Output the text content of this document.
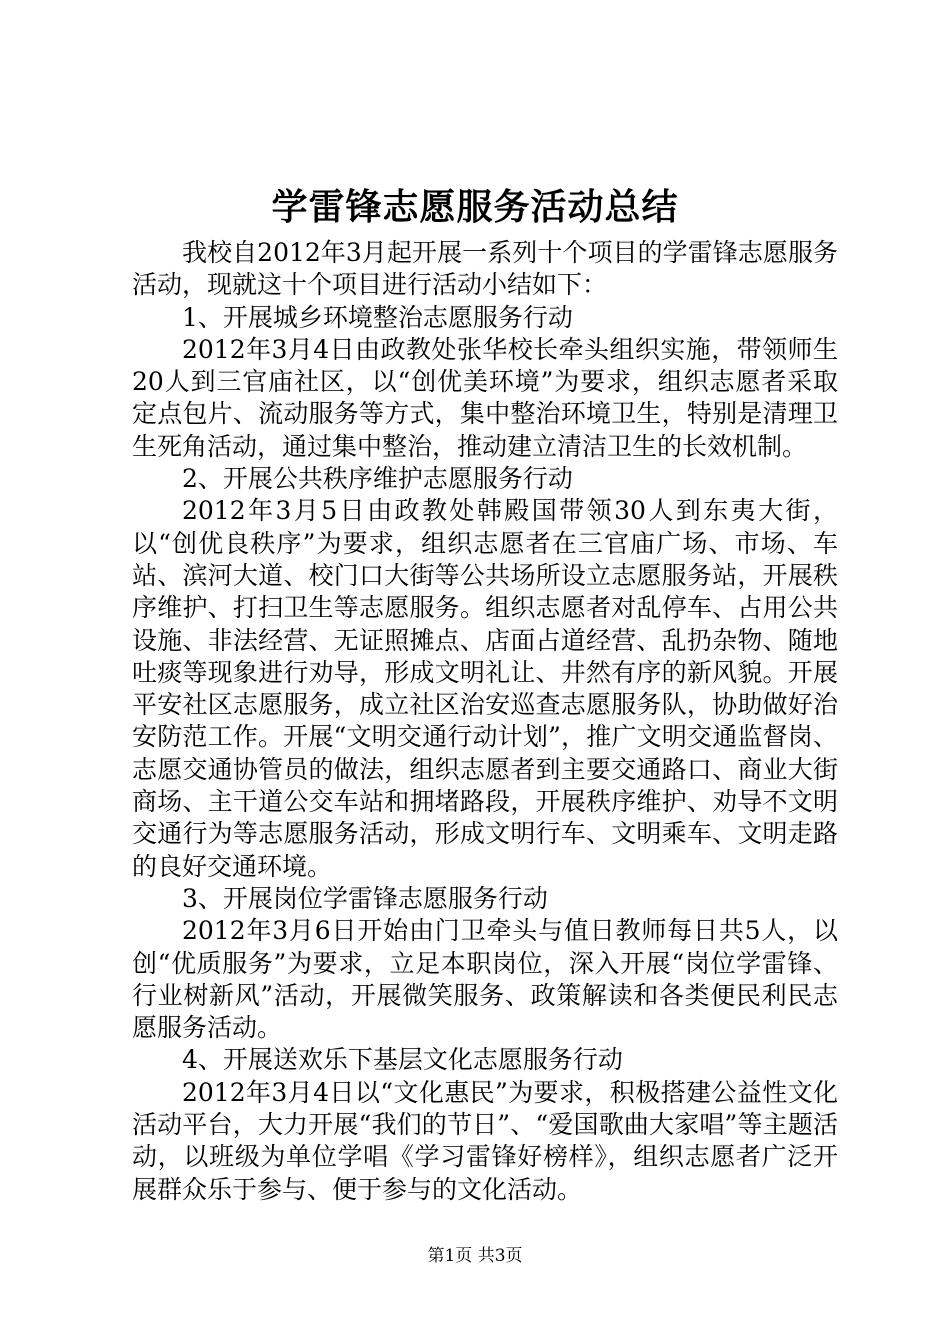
学雷锋志愿服务活动总结

我校自2012年3月起开展一系列十个项目的学雷锋志愿服务活动，现就这十个项目进行活动小结如下：

1、开展城乡环境整治志愿服务行动

2012年3月4日由政教处张华校长牵头组织实施，带领师生20人到三官庙社区，以“创优美环境”为要求，组织志愿者采取定点包片、流动服务等方式，集中整治环境卫生，特别是清理卫生死角活动，通过集中整治，推动建立清洁卫生的长效机制。

2、开展公共秩序维护志愿服务行动

2012年3月5日由政教处韩殿国带领30人到东夷大街，以“创优良秩序”为要求，组织志愿者在三官庙广场、市场、车站、滨河大道、校门口大街等公共场所设立志愿服务站，开展秩序维护、打扫卫生等志愿服务。组织志愿者对乱停车、占用公共设施、非法经营、无证照摊点、店面占道经营、乱扔杂物、随地吐痰等现象进行劝导，形成文明礼让、井然有序的新风貌。开展平安社区志愿服务，成立社区治安巡查志愿服务队，协助做好治安防范工作。开展“文明交通行动计划”，推广文明交通监督岗、志愿交通协管员的做法，组织志愿者到主要交通路口、商业大街商场、主干道公交车站和拥堵路段，开展秩序维护、劝导不文明交通行为等志愿服务活动，形成文明行车、文明乘车、文明走路的良好交通环境。

3、开展岗位学雷锋志愿服务行动

2012年3月6日开始由门卫牵头与值日教师每日共5人，以创“优质服务”为要求，立足本职岗位，深入开展“岗位学雷锋、行业树新风”活动，开展微笑服务、政策解读和各类便民利民志愿服务活动。

4、开展送欢乐下基层文化志愿服务行动

2012年3月4日以“文化惠民”为要求，积极搭建公益性文化活动平台，大力开展“我们的节日”、“爱国歌曲大家唱”等主题活动，以班级为单位学唱《学习雷锋好榜样》，组织志愿者广泛开展群众乐于参与、便于参与的文化活动。

第1页 共3页
